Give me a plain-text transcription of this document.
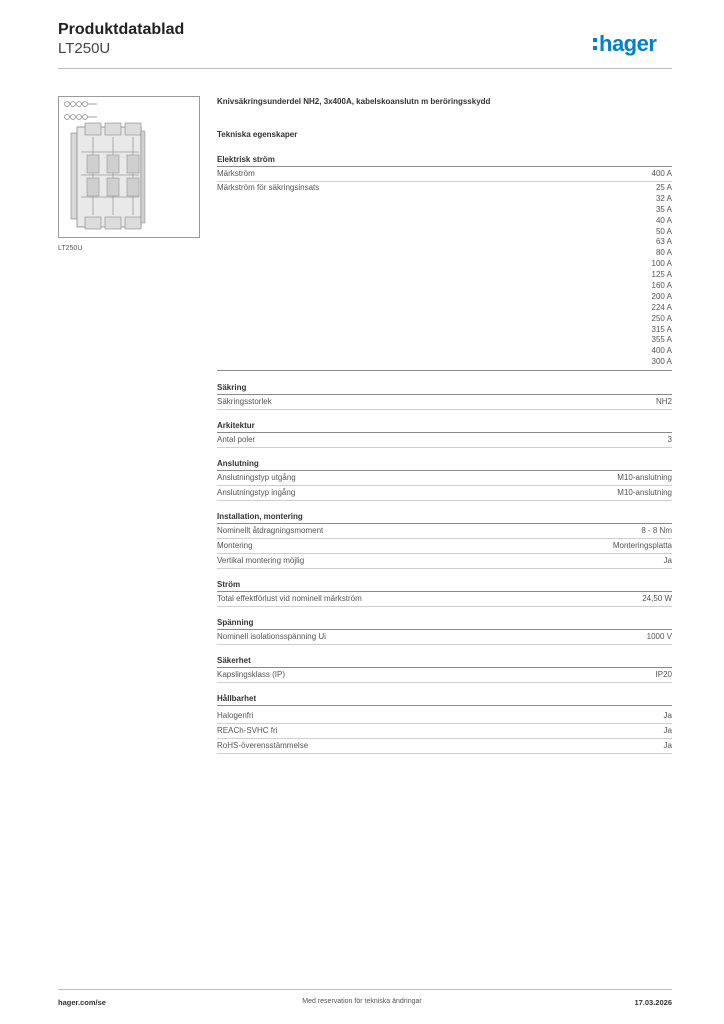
Produktdatablad
LT250U	hager
LT250U
Knivsäkringsunderdel NH2, 3x400A, kabelskoanslutn m beröringsskydd
Tekniska egenskaper
Elektrisk ström
Märkström	400 A
Märkström för säkringsinsats	25 A
32 A
35 A
40 A
50 A
63 A
80 A
100 A
125 A
160 A
200 A
224 A
250 A
315 A
355 A
400 A
300 A
Säkring
Säkringsstorlek	NH2
Arkitektur
Antal poler	3
Anslutning
Anslutningstyp utgång	M10-anslutning
Anslutningstyp ingång	M10-anslutning
Installation, montering
Nominellt åtdragningsmoment	8 - 8 Nm
Montering	Monteringsplatta
Vertikal montering möjlig	Ja
Ström
Total effektförlust vid nominell märkström	24,50 W
Spänning
Nominell isolationsspänning Ui	1000 V
Säkerhet
Kapslingsklass (IP)	IP20
Hållbarhet
Halogenfri	Ja
REACh-SVHC fri	Ja
RoHS-överensstämmelse	Ja
hager.com/se	Med reservation för tekniska ändringar	17.03.2026
